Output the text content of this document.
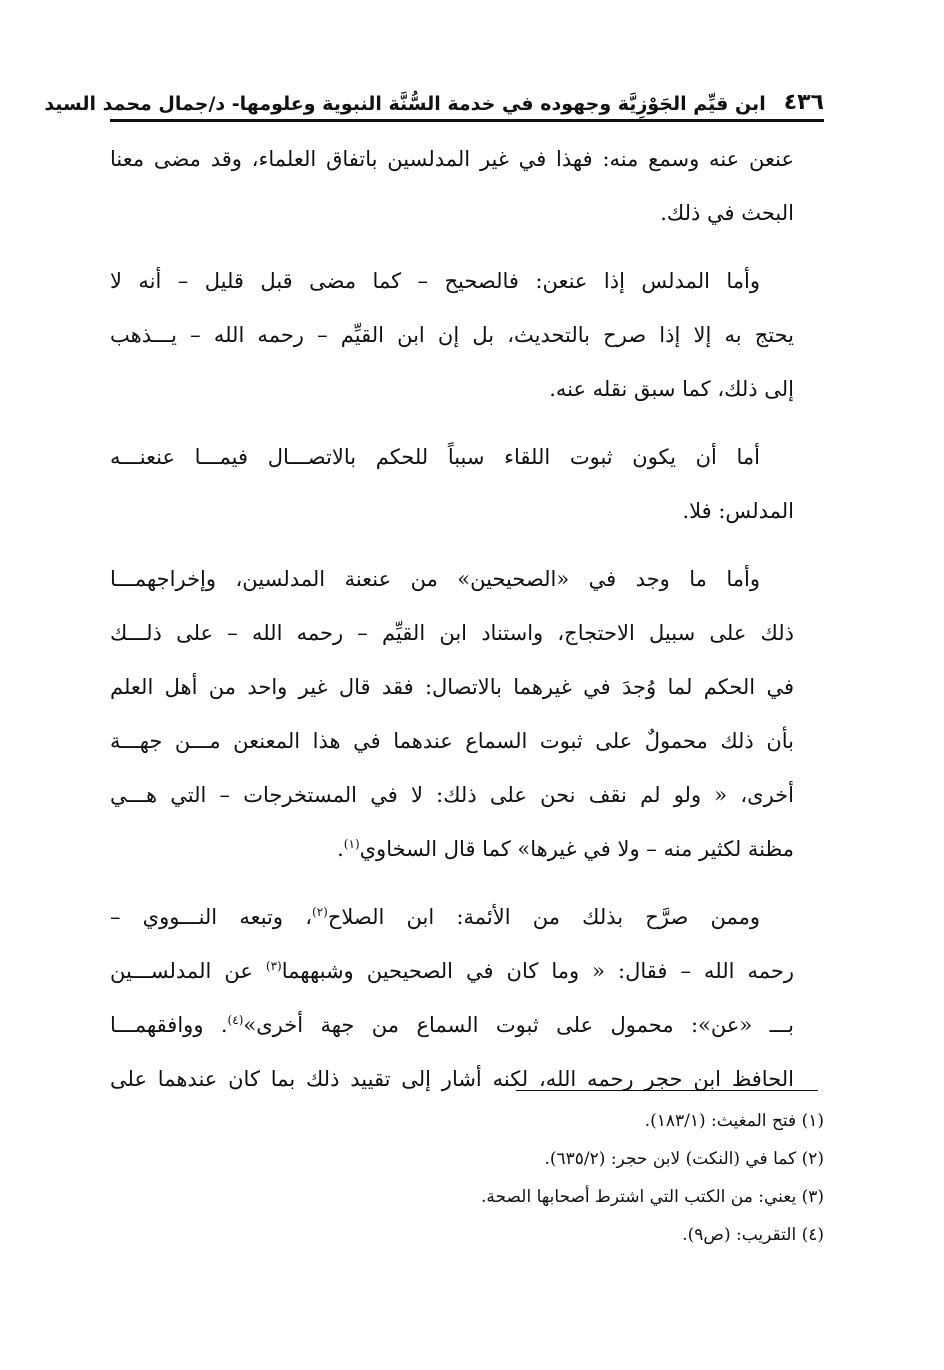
٤٣٦
ابن قيِّم الجَوْزِيَّة وجهوده في خدمة السُّنَّة النبوية وعلومها- د/جمال محمد السيد
عنعن عنه وسمع منه: فهذا في غير المدلسين باتفاق العلماء، وقد مضى معنا
البحث في ذلك.
وأما المدلس إذا عنعن: فالصحيح – كما مضى قبل قليل – أنه لا
يحتج به إلا إذا صرح بالتحديث، بل إن ابن القيِّم – رحمه الله – يـــذهب
إلى ذلك، كما سبق نقله عنه.
أما أن يكون ثبوت اللقاء سبباً للحكم بالاتصـــال فيمـــا عنعنـــه
المدلس: فلا.
وأما ما وجد في «الصحيحين» من عنعنة المدلسين، وإخراجهمـــا
ذلك على سبيل الاحتجاج، واستناد ابن القيِّم – رحمه الله – على ذلـــك
في الحكم لما وُجدَ في غيرهما بالاتصال: فقد قال غير واحد من أهل العلم
بأن ذلك محمولٌ على ثبوت السماع عندهما في هذا المعنعن مـــن جهـــة
أخرى، « ولو لم نقف نحن على ذلك: لا في المستخرجات – التي هـــي
مظنة لكثير منه – ولا في غيرها» كما قال السخاوي$^{(١)}$.
وممن صرَّح بذلك من الأئمة: ابن الصلاح$^{(٢)}$، وتبعه النـــووي –
رحمه الله – فقال: « وما كان في الصحيحين وشبههما$^{(٣)}$ عن المدلســـين
بـــ «عن»: محمول على ثبوت السماع من جهة أخرى»$^{(٤)}$. ووافقهمـــا
الحافظ ابن حجر رحمه الله، لكنه أشار إلى تقييد ذلك بما كان عندهما على
(١) فتح المغيث: (١٨٣/١).
(٢) كما في (النكت) لابن حجر: (٦٣٥/٢).
(٣) يعني: من الكتب التي اشترط أصحابها الصحة.
(٤) التقريب: (ص٩).
